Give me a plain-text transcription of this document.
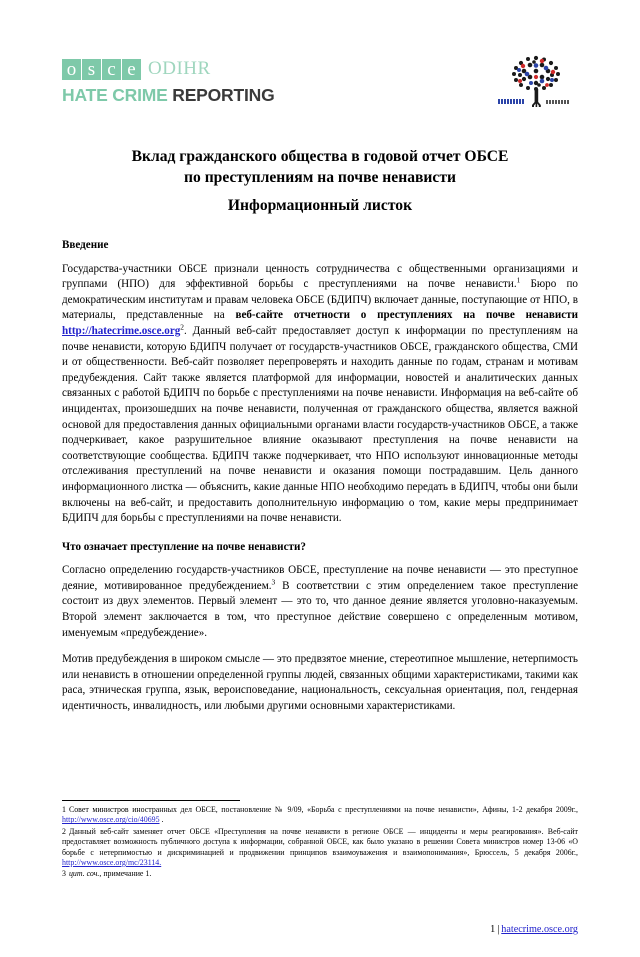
o s c e ODIHR
HATE CRIME REPORTING
Вклад гражданского общества в годовой отчет ОБСЕ
по преступлениям на почве ненависти
Информационный листок
Введение

Государства-участники ОБСЕ признали ценность сотрудничества с общественными организациями и группами (НПО) для эффективной борьбы с преступлениями на почве ненависти.$^1$ Бюро по демократическим институтам и правам человека ОБСЕ (БДИПЧ) включает данные, поступающие от НПО, в материалы, представленные на веб-сайте отчетности о преступлениях на почве ненависти http://hatecrime.osce.org$^2$. Данный веб-сайт предоставляет доступ к информации по преступлениям на почве ненависти, которую БДИПЧ получает от государств-участников ОБСЕ, гражданского общества, СМИ и от общественности. Веб-сайт позволяет перепроверять и находить данные по годам, странам и мотивам предубеждения. Сайт также является платформой для информации, новостей и аналитических данных связанных с работой БДИПЧ по борьбе с преступлениями на почве ненависти. Информация на веб-сайте об инцидентах, произошедших на почве ненависти, полученная от гражданского общества, является важной основой для предоставления данных официальными органами власти государств-участников ОБСЕ, а также подчеркивает, какое разрушительное влияние оказывают преступления на почве ненависти на соответствующие сообщества. БДИПЧ также подчеркивает, что НПО используют инновационные методы отслеживания преступлений на почве ненависти и оказания помощи пострадавшим. Цель данного информационного листка — объяснить, какие данные НПО необходимо передать в БДИПЧ, чтобы они были включены на веб-сайт, и предоставить дополнительную информацию о том, какие меры предпринимает БДИПЧ для борьбы с преступлениями на почве ненависти.

Что означает преступление на почве ненависти?

Согласно определению государств-участников ОБСЕ, преступление на почве ненависти — это преступное деяние, мотивированное предубеждением.$^3$ В соответствии с этим определением такое преступление состоит из двух элементов. Первый элемент — это то, что данное деяние является уголовно-наказуемым. Второй элемент заключается в том, что преступное действие совершено с определенным мотивом, именуемым «предубеждение».

Мотив предубеждения в широком смысле — это предвзятое мнение, стереотипное мышление, нетерпимость или ненависть в отношении определенной группы людей, связанных общими характеристиками, такими как раса, этническая группа, язык, вероисповедание, национальность, сексуальная ориентация, пол, гендерная идентичность, инвалидность, или любыми другими основными характеристиками.

1 Совет министров иностранных дел ОБСЕ, постановление № 9/09, «Борьба с преступлениями на почве ненависти», Афины, 1-2 декабря 2009г., http://www.osce.org/cio/40695 .

2 Данный веб-сайт заменяет отчет ОБСЕ «Преступления на почве ненависти в регионе ОБСЕ — инциденты и меры реагирования». Веб-сайт предоставляет возможность публичного доступа к информации, собранной ОБСЕ, как было указано в решении Совета министров номер 13-06 «О борьбе с нетерпимостью и дискриминацией и продвижении принципов взаимоуважения и взаимопонимания», Брюссель, 5 декабря 2006г., http://www.osce.org/mc/23114.

3 цит. соч., примечание 1.

1 | hatecrime.osce.org
